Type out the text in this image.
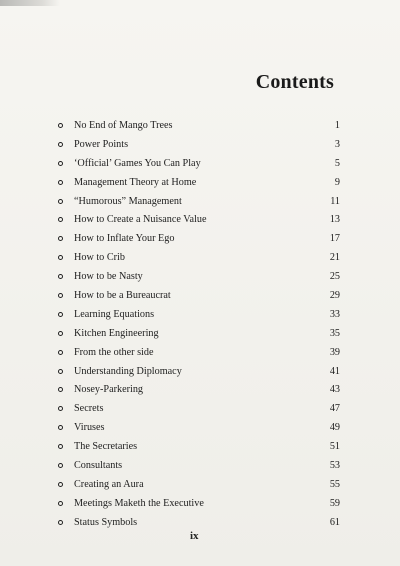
Contents
No End of Mango Trees	1
Power Points	3
‘Official’ Games You Can Play	5
Management Theory at Home	9
“Humorous” Management	11
How to Create a Nuisance Value	13
How to Inflate Your Ego	17
How to Crib	21
How to be Nasty	25
How to be a Bureaucrat	29
Learning Equations	33
Kitchen Engineering	35
From the other side	39
Understanding Diplomacy	41
Nosey-Parkering	43
Secrets	47
Viruses	49
The Secretaries	51
Consultants	53
Creating an Aura	55
Meetings Maketh the Executive	59
Status Symbols	61
ix
